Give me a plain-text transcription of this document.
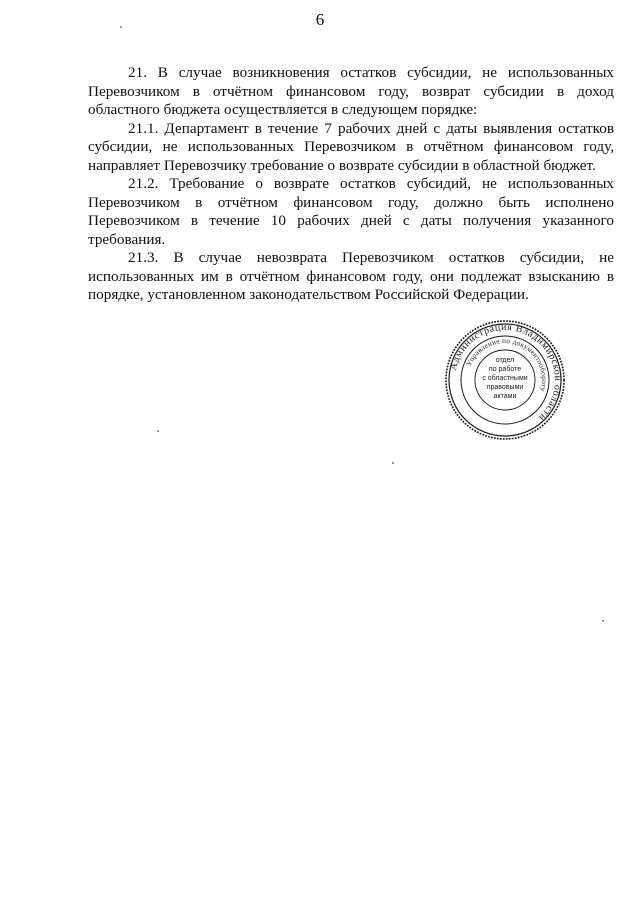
6

21. В случае возникновения остатков субсидии, не использованных Перевозчиком в отчётном финансовом году, возврат субсидии в доход областного бюджета осуществляется в следующем порядке:

21.1. Департамент в течение 7 рабочих дней с даты выявления остатков субсидии, не использованных Перевозчиком в отчётном финансовом году, направляет Перевозчику требование о возврате субсидии в областной бюджет.

21.2. Требование о возврате остатков субсидий, не использованных Перевозчиком в отчётном финансовом году, должно быть исполнено Перевозчиком в течение 10 рабочих дней с даты получения указанного требования.

21.3. В случае невозврата Перевозчиком остатков субсидии, не использованных им в отчётном финансовом году, они подлежат взысканию в порядке, установленном законодательством Российской Федерации.

Администрация Владимирской области
Управление по документообороту
отдел
по работе
с областными
правовыми
актами
